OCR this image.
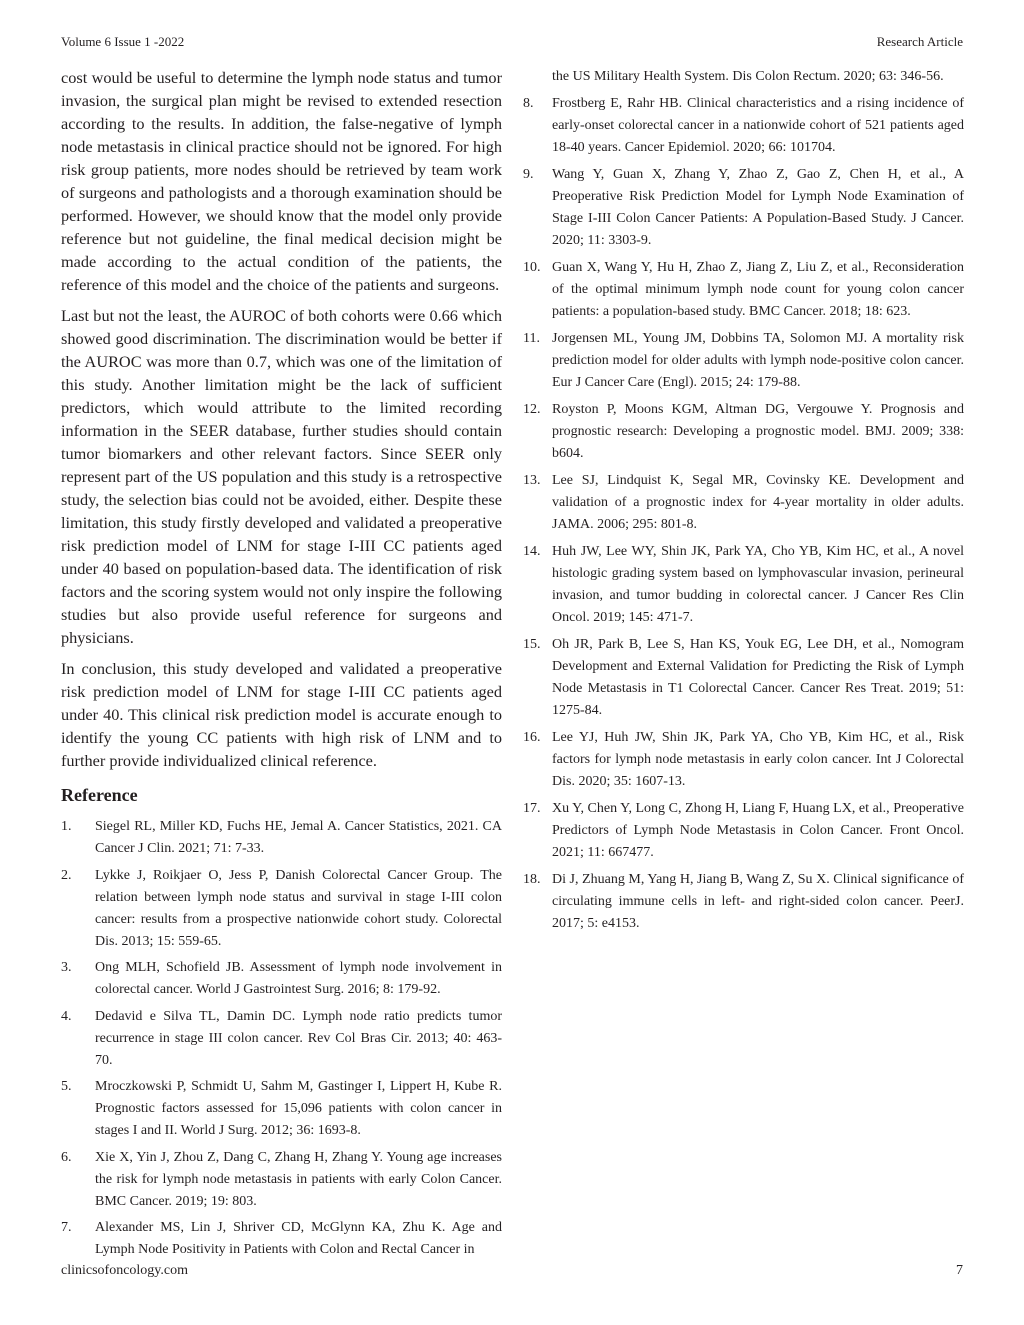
Volume 6 Issue 1 -2022	Research Article

cost would be useful to determine the lymph node status and tumor invasion, the surgical plan might be revised to extended resection according to the results. In addition, the false-negative of lymph node metastasis in clinical practice should not be ignored. For high risk group patients, more nodes should be retrieved by team work of surgeons and pathologists and a thorough examination should be performed. However, we should know that the model only provide reference but not guideline, the final medical decision might be made according to the actual condition of the patients, the reference of this model and the choice of the patients and surgeons.

Last but not the least, the AUROC of both cohorts were 0.66 which showed good discrimination. The discrimination would be better if the AUROC was more than 0.7, which was one of the limitation of this study. Another limitation might be the lack of sufficient predictors, which would attribute to the limited recording information in the SEER database, further studies should contain tumor biomarkers and other relevant factors. Since SEER only represent part of the US population and this study is a retrospective study, the selection bias could not be avoided, either. Despite these limitation, this study firstly developed and validated a preoperative risk prediction model of LNM for stage I-III CC patients aged under 40 based on population-based data. The identification of risk factors and the scoring system would not only inspire the following studies but also provide useful reference for surgeons and physicians.

In conclusion, this study developed and validated a preoperative risk prediction model of LNM for stage I-III CC patients aged under 40. This clinical risk prediction model is accurate enough to identify the young CC patients with high risk of LNM and to further provide individualized clinical reference.

Reference
1.	Siegel RL, Miller KD, Fuchs HE, Jemal A. Cancer Statistics, 2021. CA Cancer J Clin. 2021; 71: 7-33.
2.	Lykke J, Roikjaer O, Jess P, Danish Colorectal Cancer Group. The relation between lymph node status and survival in stage I-III colon cancer: results from a prospective nationwide cohort study. Colorectal Dis. 2013; 15: 559-65.
3.	Ong MLH, Schofield JB. Assessment of lymph node involvement in colorectal cancer. World J Gastrointest Surg. 2016; 8: 179-92.
4.	Dedavid e Silva TL, Damin DC. Lymph node ratio predicts tumor recurrence in stage III colon cancer. Rev Col Bras Cir. 2013; 40: 463-70.
5.	Mroczkowski P, Schmidt U, Sahm M, Gastinger I, Lippert H, Kube R. Prognostic factors assessed for 15,096 patients with colon cancer in stages I and II. World J Surg. 2012; 36: 1693-8.
6.	Xie X, Yin J, Zhou Z, Dang C, Zhang H, Zhang Y. Young age increases the risk for lymph node metastasis in patients with early Colon Cancer. BMC Cancer. 2019; 19: 803.
7.	Alexander MS, Lin J, Shriver CD, McGlynn KA, Zhu K. Age and Lymph Node Positivity in Patients with Colon and Rectal Cancer in
the US Military Health System. Dis Colon Rectum. 2020; 63: 346-56.
8.	Frostberg E, Rahr HB. Clinical characteristics and a rising incidence of early-onset colorectal cancer in a nationwide cohort of 521 patients aged 18-40 years. Cancer Epidemiol. 2020; 66: 101704.
9.	Wang Y, Guan X, Zhang Y, Zhao Z, Gao Z, Chen H, et al., A Preoperative Risk Prediction Model for Lymph Node Examination of Stage I-III Colon Cancer Patients: A Population-Based Study. J Cancer. 2020; 11: 3303-9.
10. Guan X, Wang Y, Hu H, Zhao Z, Jiang Z, Liu Z, et al., Reconsideration of the optimal minimum lymph node count for young colon cancer patients: a population-based study. BMC Cancer. 2018; 18: 623.
11. Jorgensen ML, Young JM, Dobbins TA, Solomon MJ. A mortality risk prediction model for older adults with lymph node-positive colon cancer. Eur J Cancer Care (Engl). 2015; 24: 179-88.
12. Royston P, Moons KGM, Altman DG, Vergouwe Y. Prognosis and prognostic research: Developing a prognostic model. BMJ. 2009; 338: b604.
13. Lee SJ, Lindquist K, Segal MR, Covinsky KE. Development and validation of a prognostic index for 4-year mortality in older adults. JAMA. 2006; 295: 801-8.
14. Huh JW, Lee WY, Shin JK, Park YA, Cho YB, Kim HC, et al., A novel histologic grading system based on lymphovascular invasion, perineural invasion, and tumor budding in colorectal cancer. J Cancer Res Clin Oncol. 2019; 145: 471-7.
15. Oh JR, Park B, Lee S, Han KS, Youk EG, Lee DH, et al., Nomogram Development and External Validation for Predicting the Risk of Lymph Node Metastasis in T1 Colorectal Cancer. Cancer Res Treat. 2019; 51: 1275-84.
16. Lee YJ, Huh JW, Shin JK, Park YA, Cho YB, Kim HC, et al., Risk factors for lymph node metastasis in early colon cancer. Int J Colorectal Dis. 2020; 35: 1607-13.
17. Xu Y, Chen Y, Long C, Zhong H, Liang F, Huang LX, et al., Preoperative Predictors of Lymph Node Metastasis in Colon Cancer. Front Oncol. 2021; 11: 667477.
18. Di J, Zhuang M, Yang H, Jiang B, Wang Z, Su X. Clinical significance of circulating immune cells in left- and right-sided colon cancer. PeerJ. 2017; 5: e4153.
clinicsofoncology.com	7
